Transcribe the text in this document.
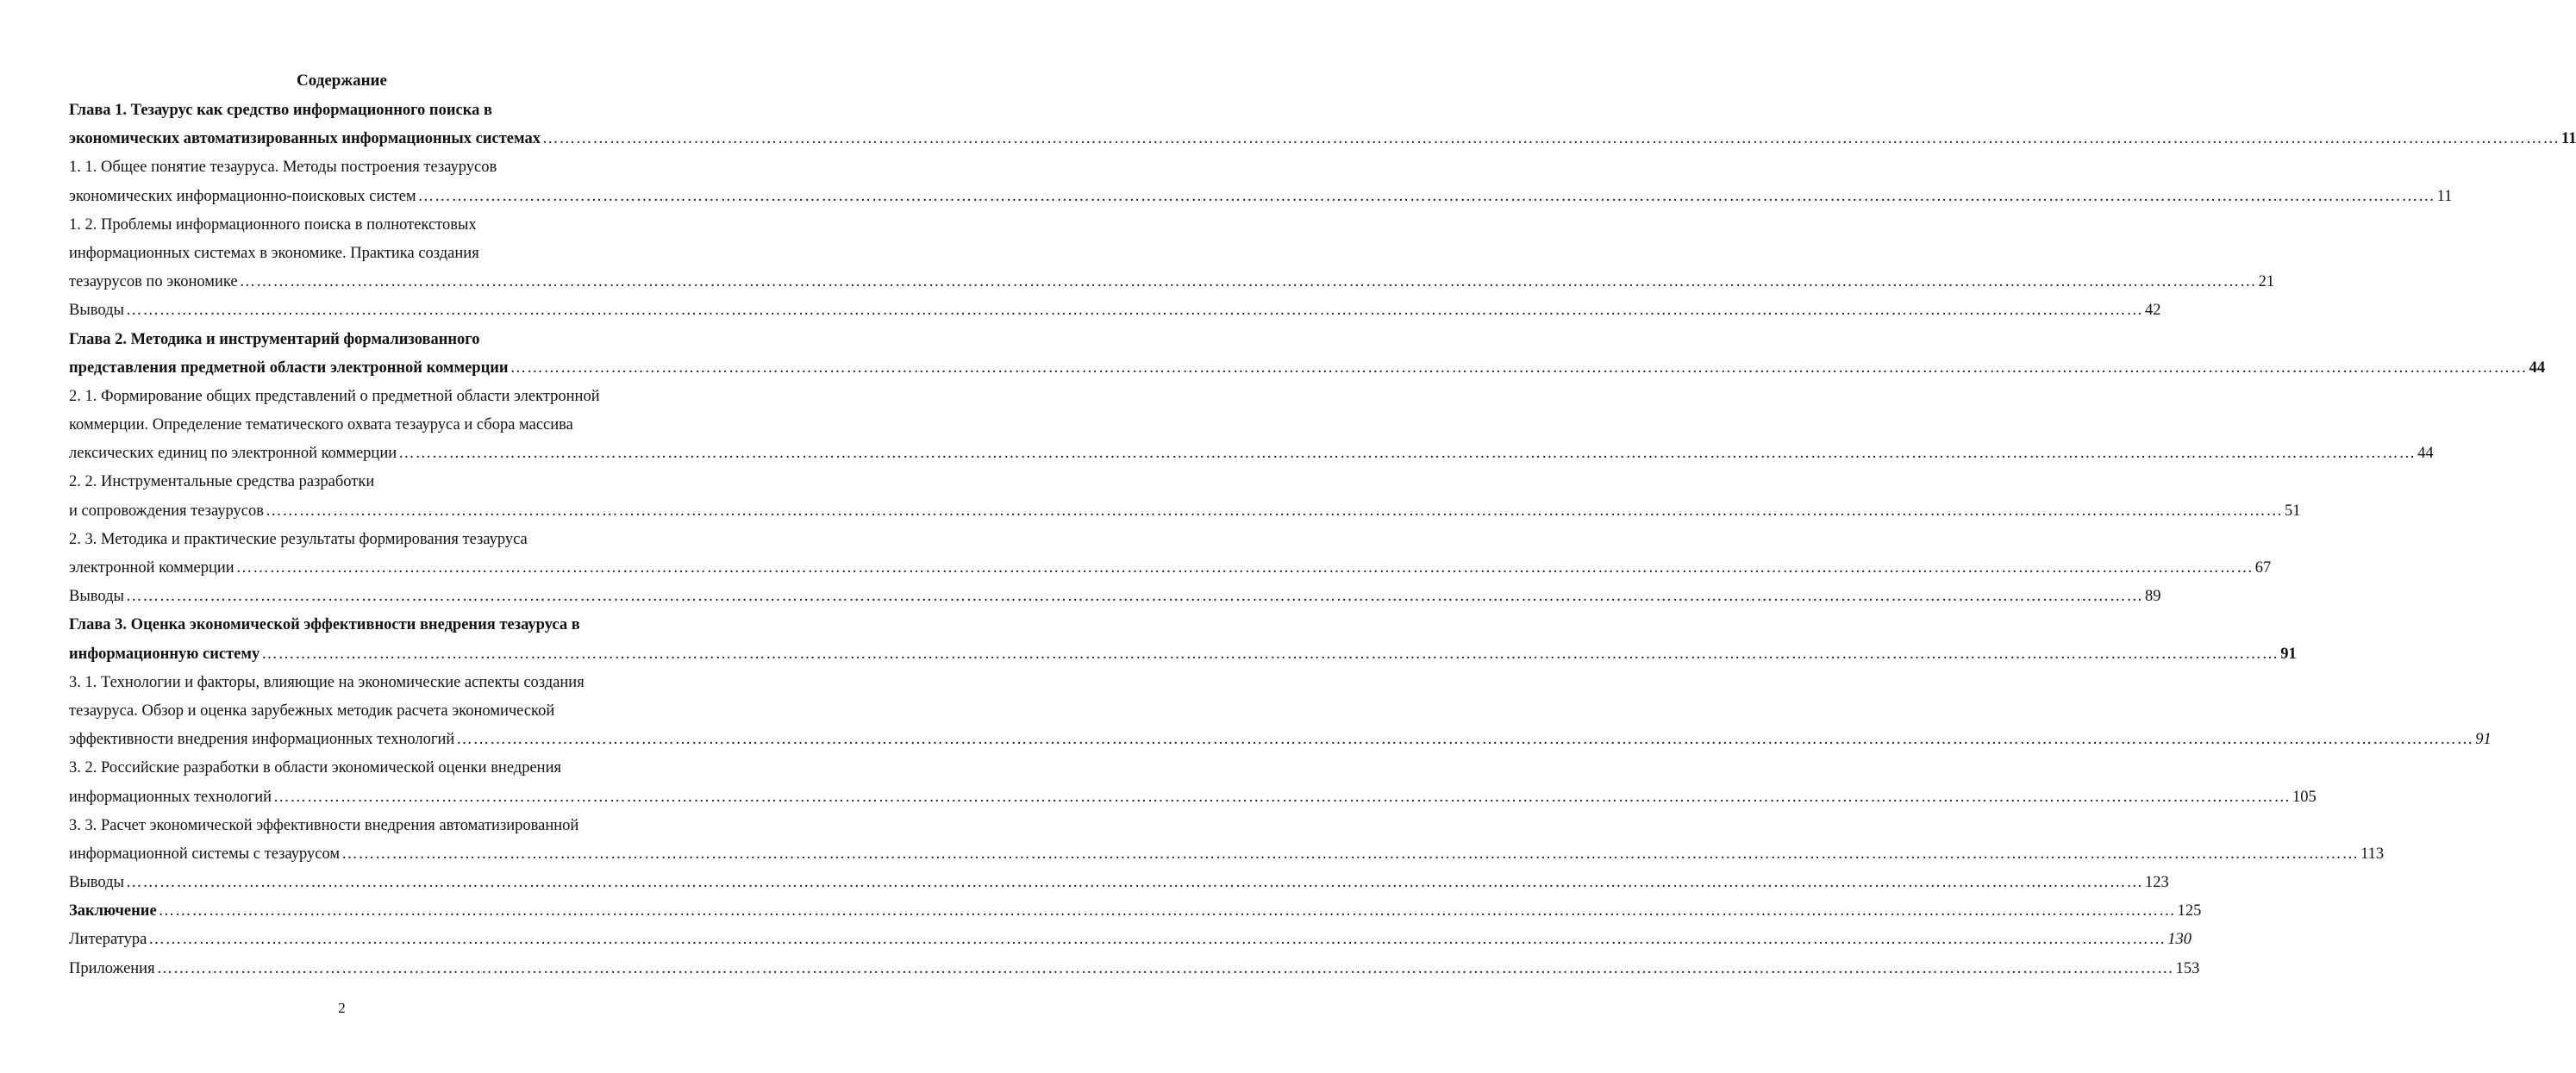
Содержание
Глава 1. Тезаурус как средство информационного поиска в
экономических автоматизированных информационных системах ……………………………………………………………………………………………………………………………………………………………………………………………………………………………………………………………………………………………………………………………… 11
1. 1. Общее понятие тезауруса. Методы построения тезаурусов
экономических информационно-поисковых систем ……………………………………………………………………………………………………………………………………………………………………………………………………………………………………………………………………………………………………………………………… 11
1. 2. Проблемы информационного поиска в полнотекстовых
информационных системах в экономике. Практика создания
тезаурусов по экономике ……………………………………………………………………………………………………………………………………………………………………………………………………………………………………………………………………………………………………………………………… 21
Выводы ……………………………………………………………………………………………………………………………………………………………………………………………………………………………………………………………………………………………………………………………… 42
Глава 2. Методика и инструментарий формализованного
представления предметной области электронной коммерции ……………………………………………………………………………………………………………………………………………………………………………………………………………………………………………………………………………………………………………………………… 44
2. 1. Формирование общих представлений о предметной области электронной
коммерции. Определение тематического охвата тезауруса и сбора массива
лексических единиц по электронной коммерции ……………………………………………………………………………………………………………………………………………………………………………………………………………………………………………………………………………………………………………………………… 44
2. 2. Инструментальные средства разработки
и сопровождения тезаурусов ……………………………………………………………………………………………………………………………………………………………………………………………………………………………………………………………………………………………………………………………… 51
2. 3. Методика и практические результаты формирования тезауруса
электронной коммерции ……………………………………………………………………………………………………………………………………………………………………………………………………………………………………………………………………………………………………………………………… 67
Выводы ……………………………………………………………………………………………………………………………………………………………………………………………………………………………………………………………………………………………………………………………… 89
Глава 3. Оценка экономической эффективности внедрения тезауруса в
информационную систему ……………………………………………………………………………………………………………………………………………………………………………………………………………………………………………………………………………………………………………………………… 91
3. 1. Технологии и факторы, влияющие на экономические аспекты создания
тезауруса. Обзор и оценка зарубежных методик расчета экономической
эффективности внедрения информационных технологий ……………………………………………………………………………………………………………………………………………………………………………………………………………………………………………………………………………………………………………………………… 91
3. 2. Российские разработки в области экономической оценки внедрения
информационных технологий ……………………………………………………………………………………………………………………………………………………………………………………………………………………………………………………………………………………………………………………………… 105
3. 3. Расчет экономической эффективности внедрения автоматизированной
информационной системы с тезаурусом ……………………………………………………………………………………………………………………………………………………………………………………………………………………………………………………………………………………………………………………………… 113
Выводы ……………………………………………………………………………………………………………………………………………………………………………………………………………………………………………………………………………………………………………………………… 123
Заключение ……………………………………………………………………………………………………………………………………………………………………………………………………………………………………………………………………………………………………………………………… 125
Литература ……………………………………………………………………………………………………………………………………………………………………………………………………………………………………………………………………………………………………………………………… 130
Приложения ……………………………………………………………………………………………………………………………………………………………………………………………………………………………………………………………………………………………………………………………… 153
2
